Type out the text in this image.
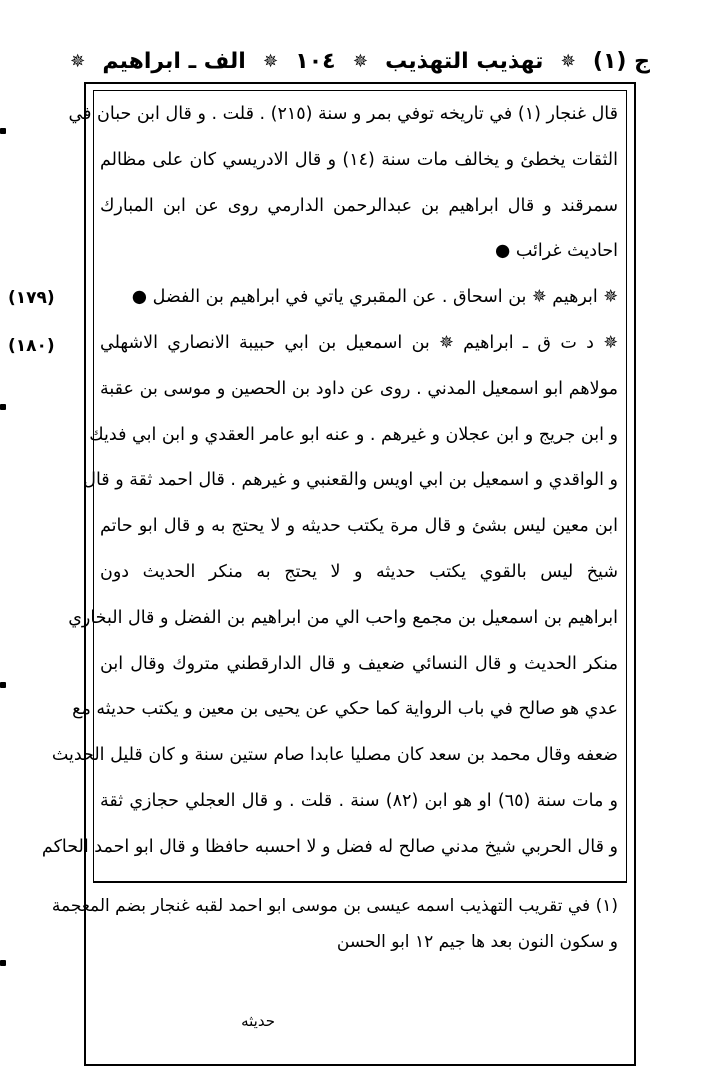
ج (١)
✵
تهذيب التهذيب
✵
١٠٤
✵
الف ـ ابراهيم
✵
قال غنجار (١) في تاريخه توفي بمر و سنة (٢١٥) . قلت . و قال ابن حبان في
الثقات يخطئ و يخالف مات سنة (١٤) و قال الادريسي كان على مظالم
سمرقند و قال ابراهيم بن عبدالرحمن الدارمي روى عن ابن المبارك
احاديث غرائب ●
✵ ابرهيم ✵ بن اسحاق . عن المقبري ياتي في ابراهيم بن الفضل ●
✵ د ت ق ـ ابراهيم ✵ بن اسمعيل بن ابي حبيبة الانصاري الاشهلي
مولاهم ابو اسمعيل المدني . روى عن داود بن الحصين و موسى بن عقبة
و ابن جريج و ابن عجلان و غيرهم . و عنه ابو عامر العقدي و ابن ابي فديك
و الواقدي و اسمعيل بن ابي اويس والقعنبي و غيرهم . قال احمد ثقة و قال
ابن معين ليس بشئ و قال مرة يكتب حديثه و لا يحتج به و قال ابو حاتم
شيخ ليس بالقوي يكتب حديثه و لا يحتج به منكر الحديث دون
ابراهيم بن اسمعيل بن مجمع واحب الي من ابراهيم بن الفضل و قال البخاري
منكر الحديث و قال النسائي ضعيف و قال الدارقطني متروك وقال ابن
عدي هو صالح في باب الرواية كما حكي عن يحيى بن معين و يكتب حديثه مع
ضعفه وقال محمد بن سعد كان مصليا عابدا صام ستين سنة و كان قليل الحديث
و مات سنة (٦٥) او هو ابن (٨٢) سنة . قلت . و قال العجلي حجازي ثقة
و قال الحربي شيخ مدني صالح له فضل و لا احسبه حافظا و قال ابو احمد الحاكم
(١٧٩)
(١٨٠)
(١) في تقريب التهذيب اسمه عيسى بن موسى ابو احمد لقبه غنجار بضم المعجمة
و سكون النون بعد ها جيم ١٢ ابو الحسن
حديثه
